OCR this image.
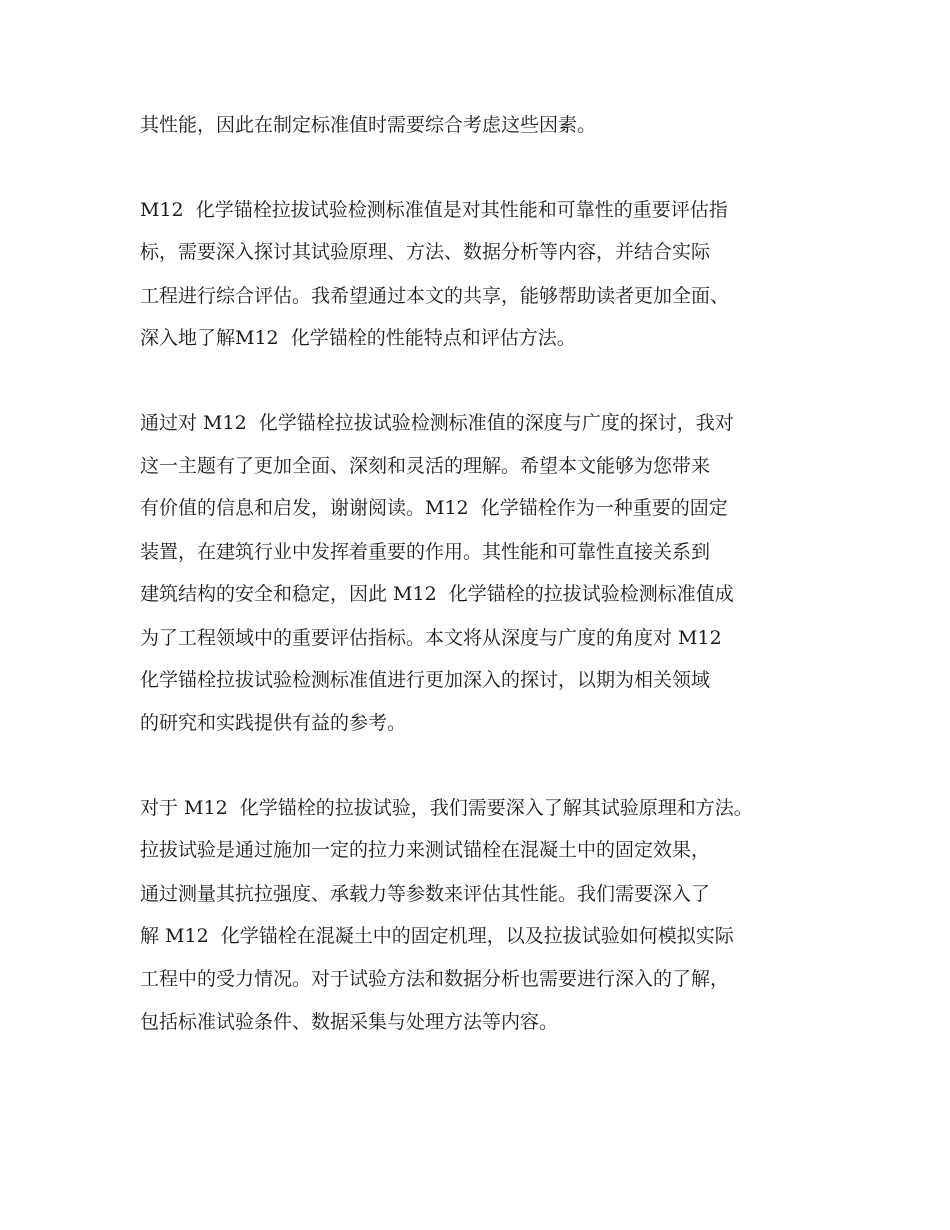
其性能，因此在制定标准值时需要综合考虑这些因素。
M12  化学锚栓拉拔试验检测标准值是对其性能和可靠性的重要评估指
标，需要深入探讨其试验原理、方法、数据分析等内容，并结合实际
工程进行综合评估。我希望通过本文的共享，能够帮助读者更加全面、
深入地了解M12  化学锚栓的性能特点和评估方法。
通过对 M12  化学锚栓拉拔试验检测标准值的深度与广度的探讨，我对
这一主题有了更加全面、深刻和灵活的理解。希望本文能够为您带来
有价值的信息和启发，谢谢阅读。M12  化学锚栓作为一种重要的固定
装置，在建筑行业中发挥着重要的作用。其性能和可靠性直接关系到
建筑结构的安全和稳定，因此 M12  化学锚栓的拉拔试验检测标准值成
为了工程领域中的重要评估指标。本文将从深度与广度的角度对 M12
化学锚栓拉拔试验检测标准值进行更加深入的探讨，以期为相关领域
的研究和实践提供有益的参考。
对于 M12  化学锚栓的拉拔试验，我们需要深入了解其试验原理和方法。
拉拔试验是通过施加一定的拉力来测试锚栓在混凝土中的固定效果，
通过测量其抗拉强度、承载力等参数来评估其性能。我们需要深入了
解 M12  化学锚栓在混凝土中的固定机理，以及拉拔试验如何模拟实际
工程中的受力情况。对于试验方法和数据分析也需要进行深入的了解，
包括标准试验条件、数据采集与处理方法等内容。
